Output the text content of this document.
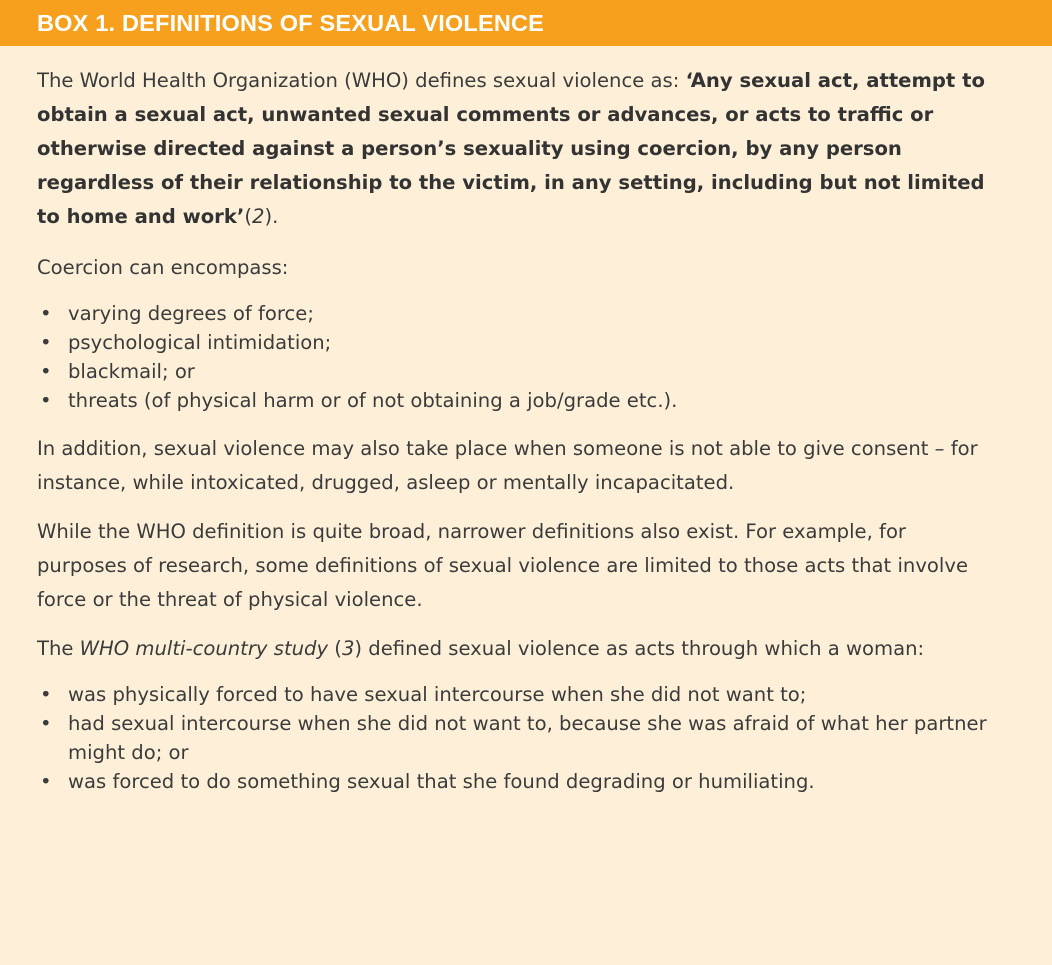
BOX 1. DEFINITIONS OF SEXUAL VIOLENCE

The World Health Organization (WHO) defines sexual violence as: ‘Any sexual act, attempt to obtain a sexual act, unwanted sexual comments or advances, or acts to traffic or otherwise directed against a person’s sexuality using coercion, by any person regardless of their relationship to the victim, in any setting, including but not limited to home and work’(2).

Coercion can encompass:

• varying degrees of force;
• psychological intimidation;
• blackmail; or
• threats (of physical harm or of not obtaining a job/grade etc.).

In addition, sexual violence may also take place when someone is not able to give consent – for instance, while intoxicated, drugged, asleep or mentally incapacitated.

While the WHO definition is quite broad, narrower definitions also exist. For example, for purposes of research, some definitions of sexual violence are limited to those acts that involve force or the threat of physical violence.

The WHO multi-country study (3) defined sexual violence as acts through which a woman:

• was physically forced to have sexual intercourse when she did not want to;
• had sexual intercourse when she did not want to, because she was afraid of what her partner might do; or
• was forced to do something sexual that she found degrading or humiliating.
